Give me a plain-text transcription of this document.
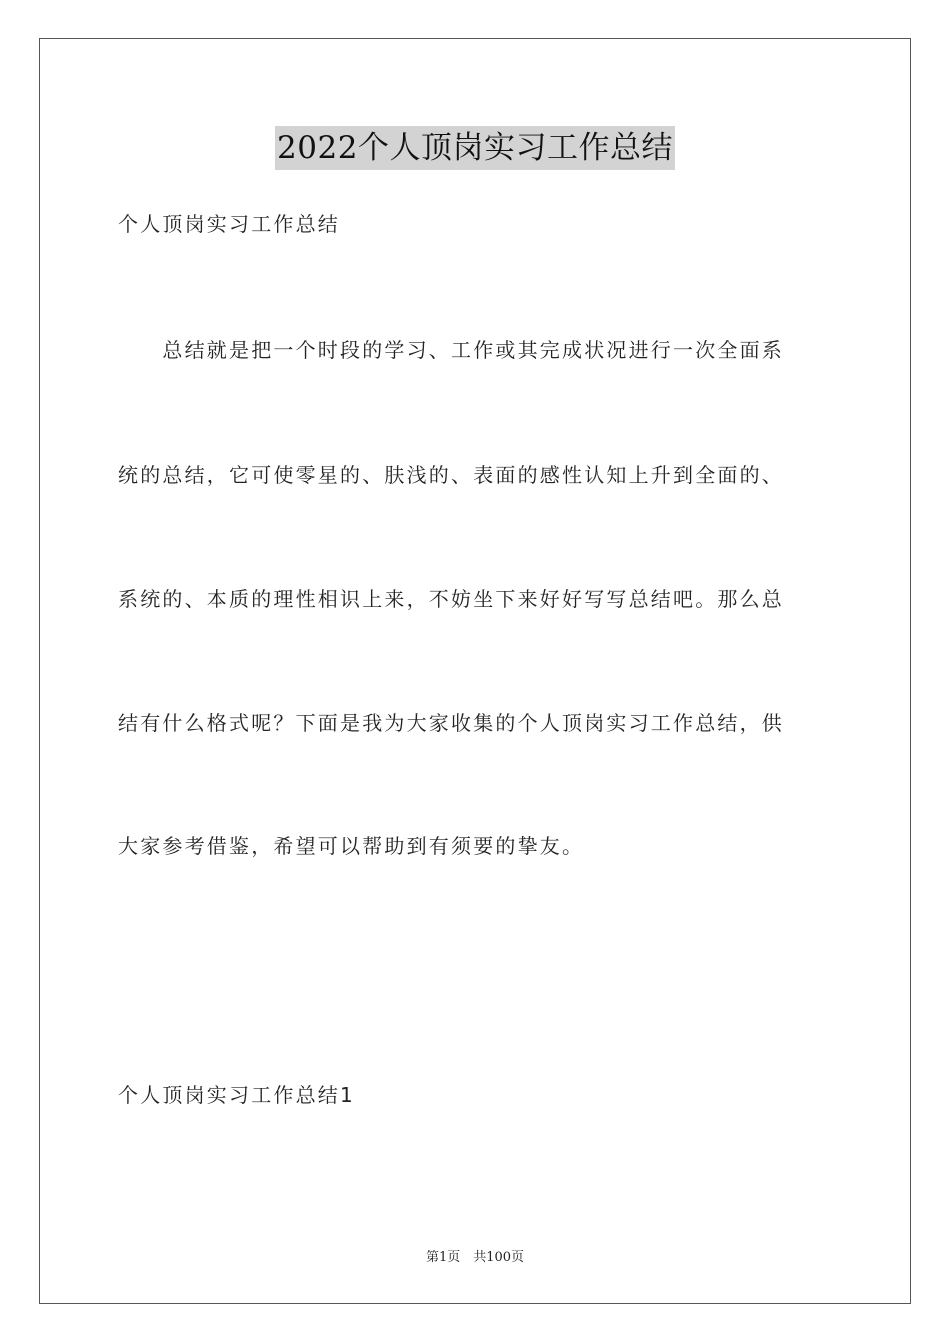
2022个人顶岗实习工作总结
个人顶岗实习工作总结
　　总结就是把一个时段的学习、工作或其完成状况进行一次全面系
统的总结，它可使零星的、肤浅的、表面的感性认知上升到全面的、
系统的、本质的理性相识上来，不妨坐下来好好写写总结吧。那么总
结有什么格式呢？下面是我为大家收集的个人顶岗实习工作总结，供
大家参考借鉴，希望可以帮助到有须要的挚友。
个人顶岗实习工作总结1
第1页　共100页
